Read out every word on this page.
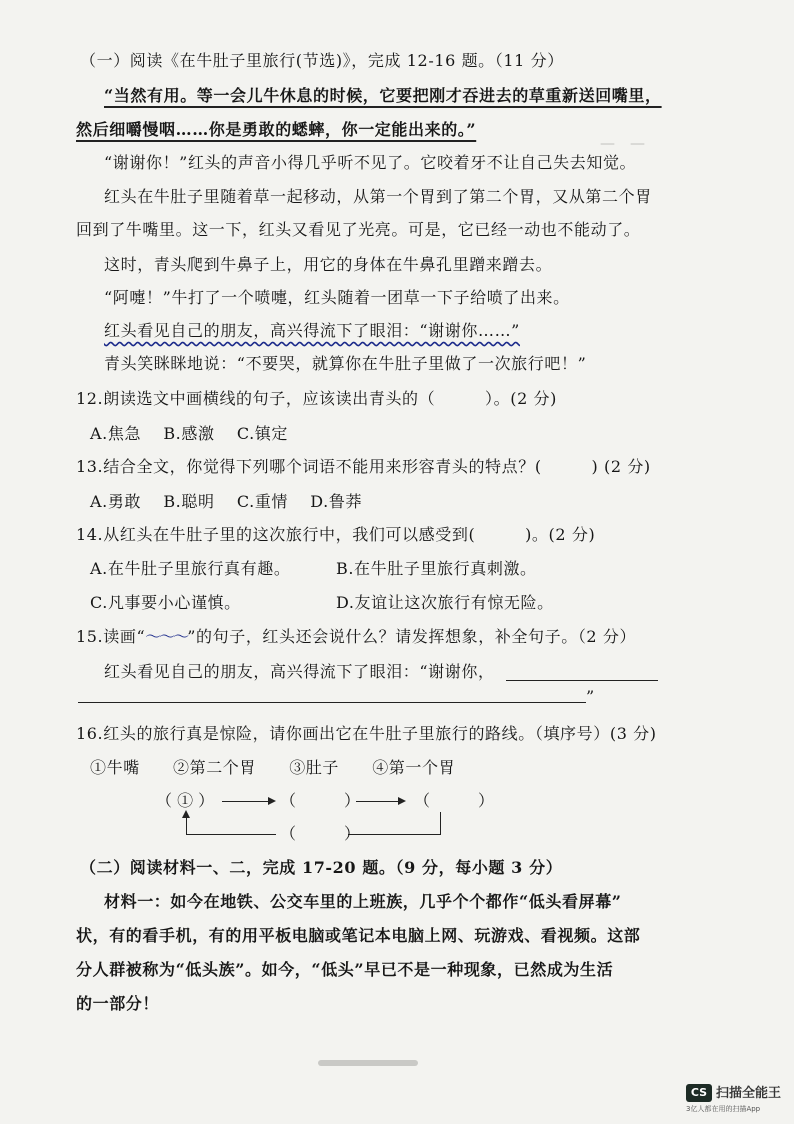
—　—
（一）阅读《在牛肚子里旅行(节选)》，完成 12-16 题。（11 分）
“当然有用。等一会儿牛休息的时候，它要把刚才吞进去的草重新送回嘴里，
然后细嚼慢咽……你是勇敢的蟋蟀，你一定能出来的。”
“谢谢你！”红头的声音小得几乎听不见了。它咬着牙不让自己失去知觉。
红头在牛肚子里随着草一起移动，从第一个胃到了第二个胃，又从第二个胃
回到了牛嘴里。这一下，红头又看见了光亮。可是，它已经一动也不能动了。
这时，青头爬到牛鼻子上，用它的身体在牛鼻孔里蹭来蹭去。
“阿嚏！”牛打了一个喷嚏，红头随着一团草一下子给喷了出来。
红头看见自己的朋友，高兴得流下了眼泪：“谢谢你……”
青头笑眯眯地说：“不要哭，就算你在牛肚子里做了一次旅行吧！”
12.朗读选文中画横线的句子，应该读出青头的（　　　）。(2 分)
A.焦急　 B.感激　 C.镇定
13.结合全文，你觉得下列哪个词语不能用来形容青头的特点？(　　　) (2 分)
A.勇敢　 B.聪明　 C.重情　 D.鲁莽
14.从红头在牛肚子里的这次旅行中，我们可以感受到(　　　)。(2 分)
A.在牛肚子里旅行真有趣。	B.在牛肚子里旅行真刺激。
C.凡事要小心谨慎。	D.友谊让这次旅行有惊无险。
15.读画“～～～”的句子，红头还会说什么？请发挥想象，补全句子。（2 分）
红头看见自己的朋友，高兴得流下了眼泪：“谢谢你，
”
16.红头的旅行真是惊险，请你画出它在牛肚子里旅行的路线。（填序号）(3 分)
①牛嘴　　②第二个胃　　③肚子　　④第一个胃
（ ① ）	（　　　）	（　　　）
（　　　）
（二）阅读材料一、二，完成 17-20 题。（9 分，每小题 3 分）
材料一：如今在地铁、公交车里的上班族，几乎个个都作“低头看屏幕”
状，有的看手机，有的用平板电脑或笔记本电脑上网、玩游戏、看视频。这部
分人群被称为“低头族”。如今，“低头”早已不是一种现象，已然成为生活
的一部分！
CS 扫描全能王
3亿人都在用的扫描App
